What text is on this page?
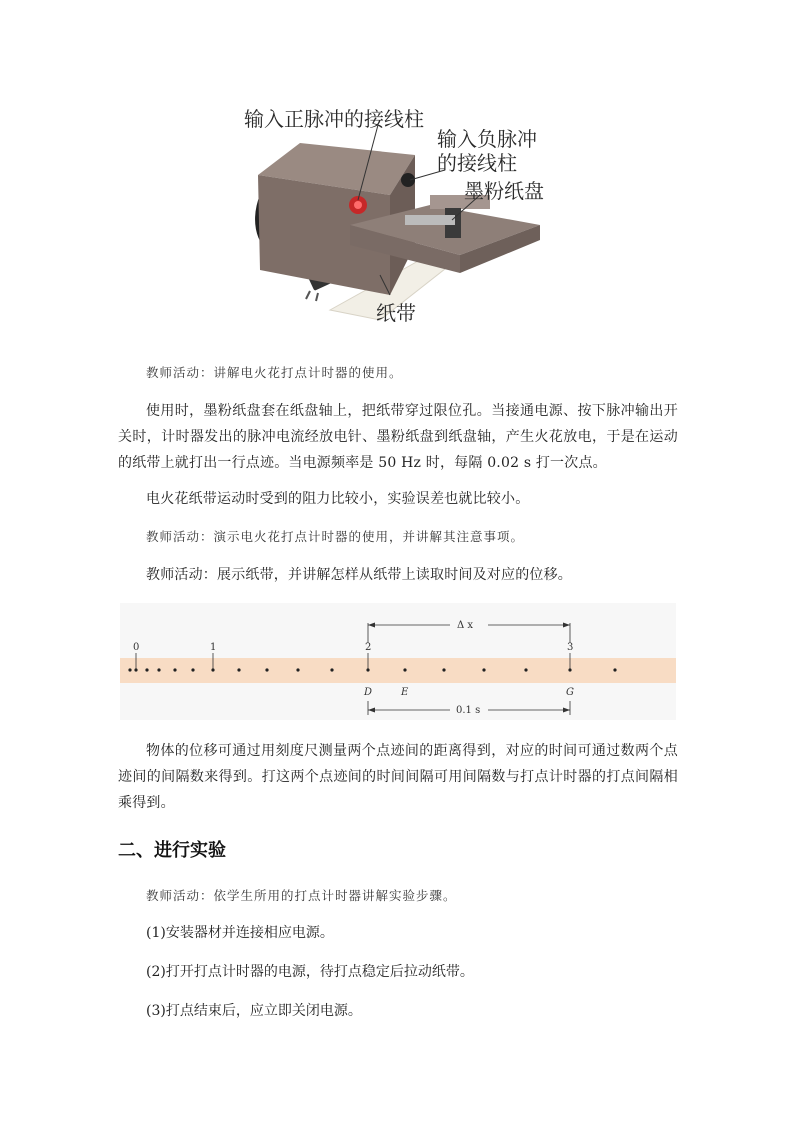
输入正脉冲的接线柱
输入负脉冲
的接线柱
墨粉纸盘
纸带
教师活动：讲解电火花打点计时器的使用。
使用时，墨粉纸盘套在纸盘轴上，把纸带穿过限位孔。当接通电源、按下脉冲输出开关时，计时器发出的脉冲电流经放电针、墨粉纸盘到纸盘轴，产生火花放电，于是在运动的纸带上就打出一行点迹。当电源频率是 50 Hz 时，每隔 0.02 s 打一次点。
电火花纸带运动时受到的阻力比较小，实验误差也就比较小。
教师活动：演示电火花打点计时器的使用，并讲解其注意事项。
教师活动：展示纸带，并讲解怎样从纸带上读取时间及对应的位移。
Δ x
0	1	2	3
D	E	G
0.1 s
物体的位移可通过用刻度尺测量两个点迹间的距离得到，对应的时间可通过数两个点迹间的间隔数来得到。打这两个点迹间的时间间隔可用间隔数与打点计时器的打点间隔相乘得到。
二、进行实验
教师活动：依学生所用的打点计时器讲解实验步骤。
(1)安装器材并连接相应电源。
(2)打开打点计时器的电源，待打点稳定后拉动纸带。
(3)打点结束后，应立即关闭电源。
